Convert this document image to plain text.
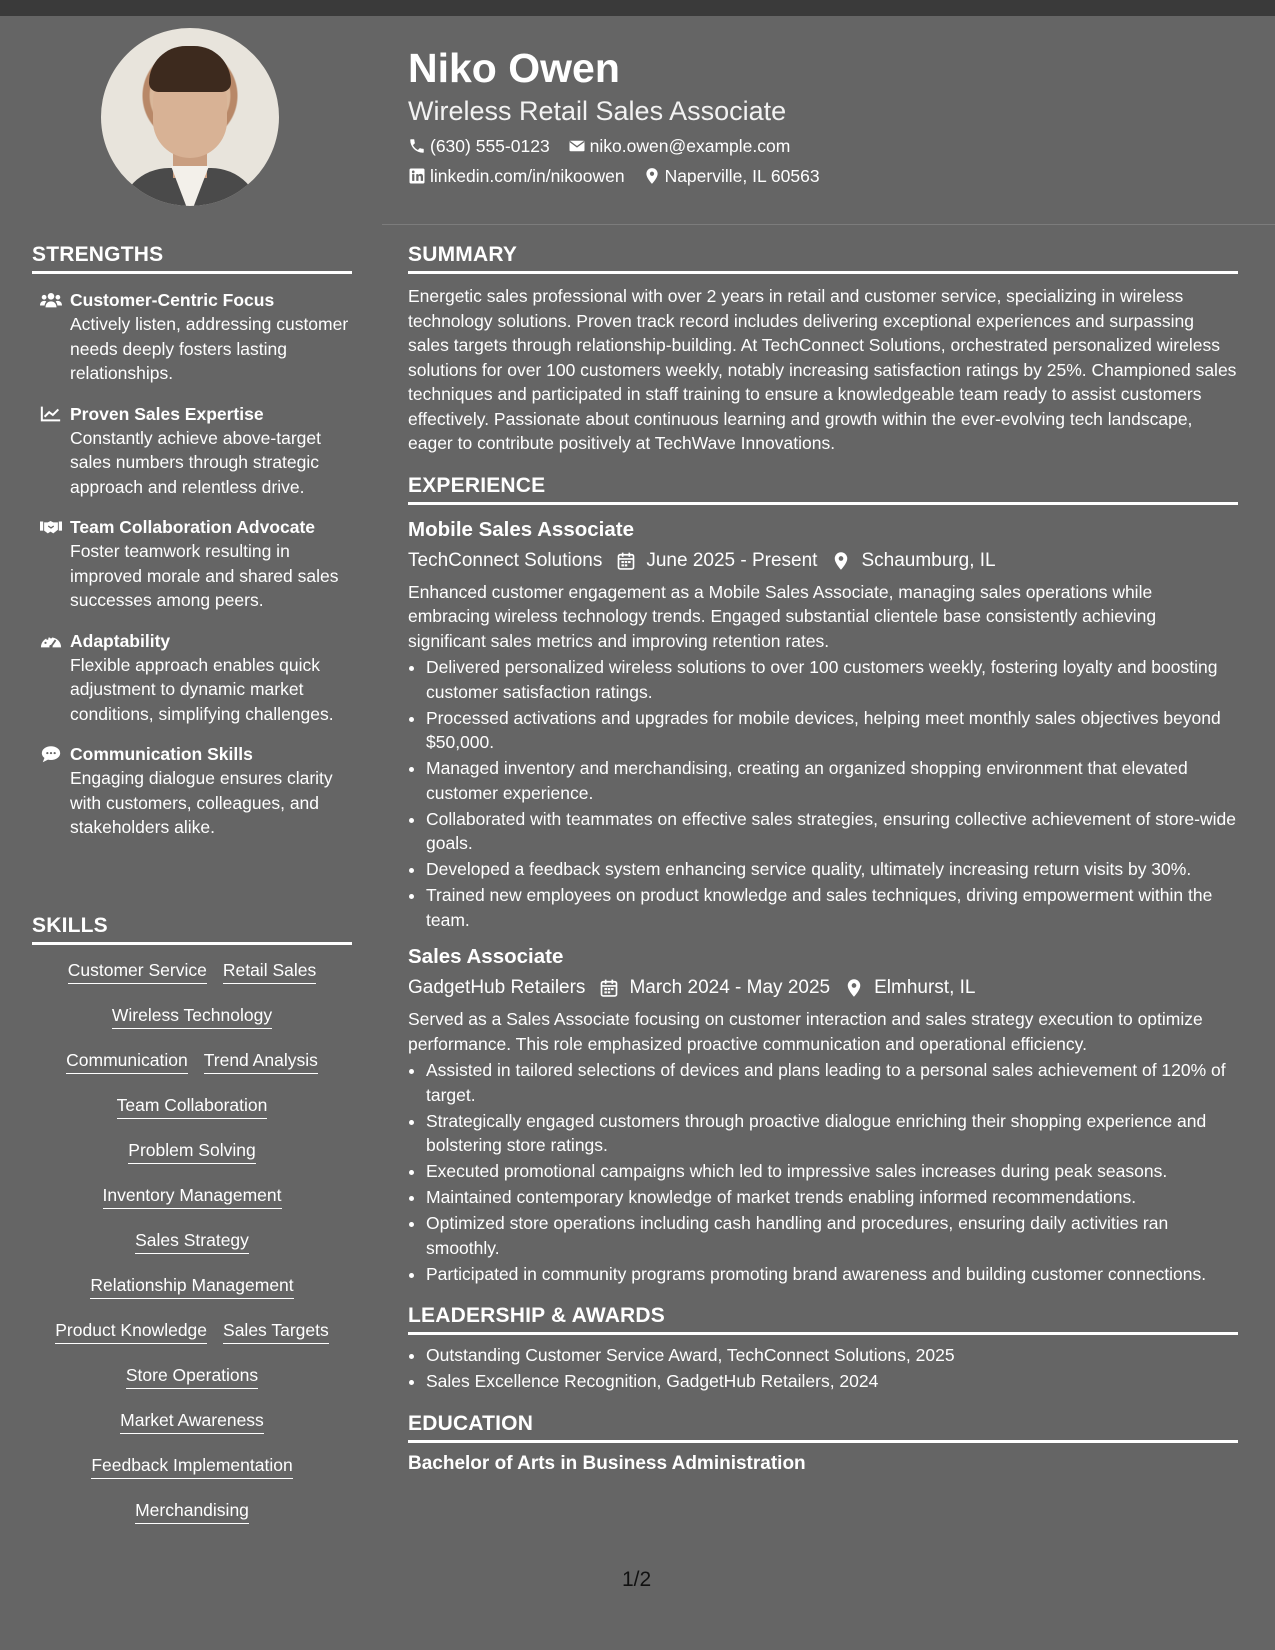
STRENGTHS
Customer-Centric Focus
Actively listen, addressing customer needs deeply fosters lasting relationships.
Proven Sales Expertise
Constantly achieve above-target sales numbers through strategic approach and relentless drive.
Team Collaboration Advocate
Foster teamwork resulting in improved morale and shared sales successes among peers.
Adaptability
Flexible approach enables quick adjustment to dynamic market conditions, simplifying challenges.
Communication Skills
Engaging dialogue ensures clarity with customers, colleagues, and stakeholders alike.
SKILLS
Customer Service Retail Sales
Wireless Technology
Communication Trend Analysis
Team Collaboration
Problem Solving
Inventory Management
Sales Strategy
Relationship Management
Product Knowledge Sales Targets
Store Operations
Market Awareness
Feedback Implementation
Merchandising
Niko Owen
Wireless Retail Sales Associate
(630) 555-0123 niko.owen@example.com
linkedin.com/in/nikoowen Naperville, IL 60563
SUMMARY

Energetic sales professional with over 2 years in retail and customer service, specializing in wireless technology solutions. Proven track record includes delivering exceptional experiences and surpassing sales targets through relationship-building. At TechConnect Solutions, orchestrated personalized wireless solutions for over 100 customers weekly, notably increasing satisfaction ratings by 25%. Championed sales techniques and participated in staff training to ensure a knowledgeable team ready to assist customers effectively. Passionate about continuous learning and growth within the ever-evolving tech landscape, eager to contribute positively at TechWave Innovations.

EXPERIENCE
Mobile Sales Associate
TechConnect Solutions June 2025 - Present Schaumburg, IL

Enhanced customer engagement as a Mobile Sales Associate, managing sales operations while embracing wireless technology trends. Engaged substantial clientele base consistently achieving significant sales metrics and improving retention rates.

• Delivered personalized wireless solutions to over 100 customers weekly, fostering loyalty and boosting customer satisfaction ratings.
• Processed activations and upgrades for mobile devices, helping meet monthly sales objectives beyond $50,000.
• Managed inventory and merchandising, creating an organized shopping environment that elevated customer experience.
• Collaborated with teammates on effective sales strategies, ensuring collective achievement of store-wide goals.
• Developed a feedback system enhancing service quality, ultimately increasing return visits by 30%.
• Trained new employees on product knowledge and sales techniques, driving empowerment within the team.
Sales Associate
GadgetHub Retailers March 2024 - May 2025 Elmhurst, IL

Served as a Sales Associate focusing on customer interaction and sales strategy execution to optimize performance. This role emphasized proactive communication and operational efficiency.

• Assisted in tailored selections of devices and plans leading to a personal sales achievement of 120% of target.
• Strategically engaged customers through proactive dialogue enriching their shopping experience and bolstering store ratings.
• Executed promotional campaigns which led to impressive sales increases during peak seasons.
• Maintained contemporary knowledge of market trends enabling informed recommendations.
• Optimized store operations including cash handling and procedures, ensuring daily activities ran smoothly.
• Participated in community programs promoting brand awareness and building customer connections.
LEADERSHIP & AWARDS
• Outstanding Customer Service Award, TechConnect Solutions, 2025
• Sales Excellence Recognition, GadgetHub Retailers, 2024
EDUCATION
Bachelor of Arts in Business Administration
1/2
